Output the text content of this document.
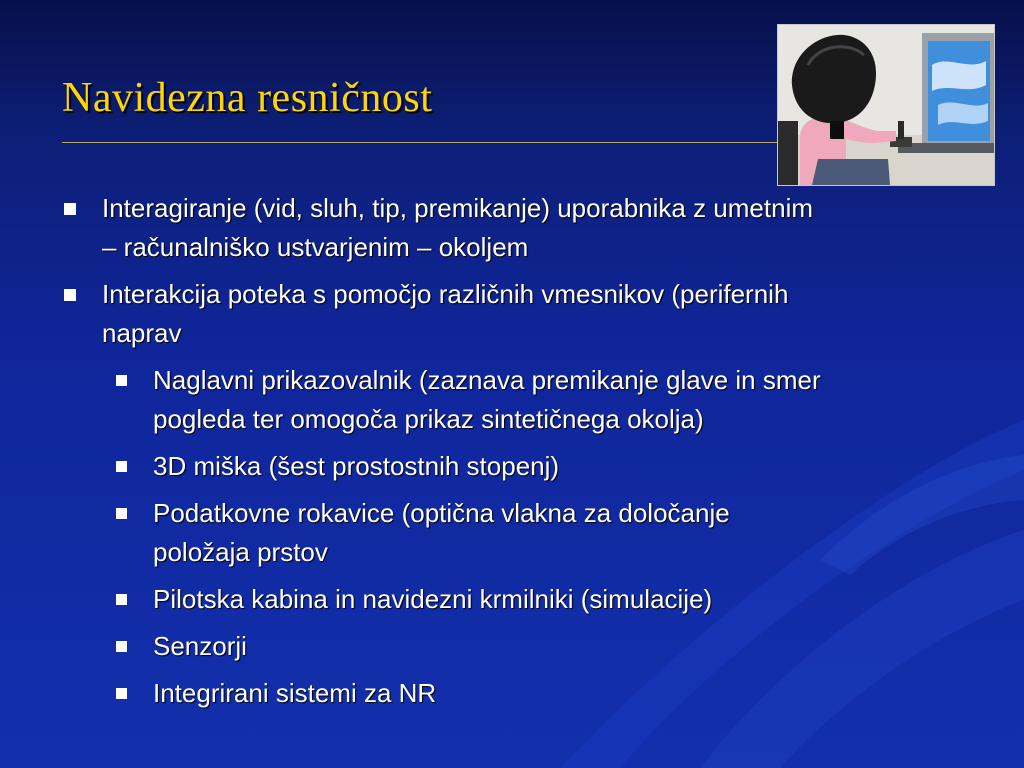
Navidezna resničnost
Interagiranje (vid, sluh, tip, premikanje) uporabnika z umetnim
– računalniško ustvarjenim – okoljem
Interakcija poteka s pomočjo različnih vmesnikov (perifernih
naprav
Naglavni prikazovalnik (zaznava premikanje glave in smer
pogleda ter omogoča prikaz sintetičnega okolja)
3D miška (šest prostostnih stopenj)
Podatkovne rokavice (optična vlakna za določanje
položaja prstov
Pilotska kabina in navidezni krmilniki (simulacije)
Senzorji
Integrirani sistemi za NR
